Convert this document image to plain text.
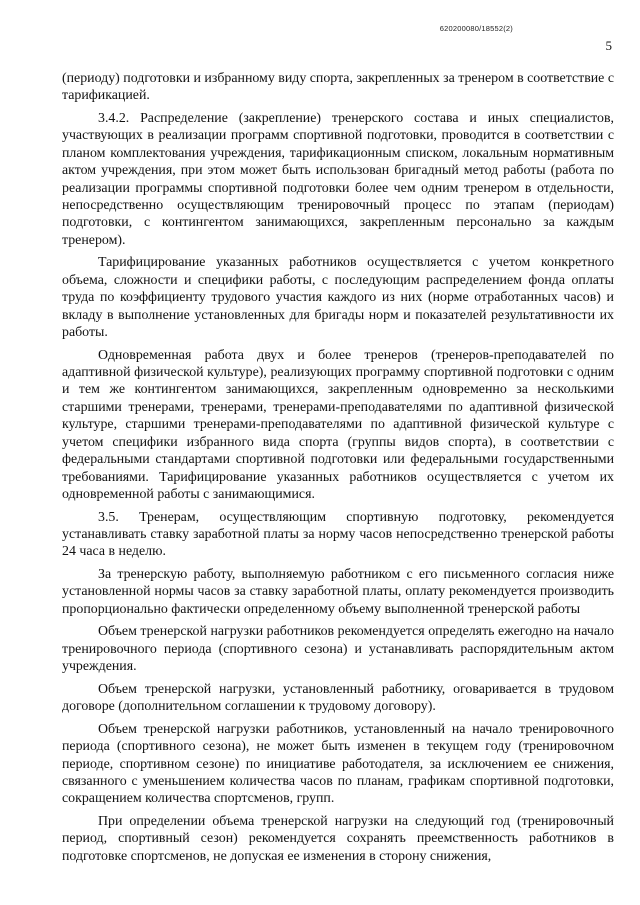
620200080/18552(2)
5

(периоду) подготовки и избранному виду спорта, закрепленных за тренером в соответствие с тарификацией.

3.4.2. Распределение (закрепление) тренерского состава и иных специалистов, участвующих в реализации программ спортивной подготовки, проводится в соответствии с планом комплектования учреждения, тарификационным списком, локальным нормативным актом учреждения, при этом может быть использован бригадный метод работы (работа по реализации программы спортивной подготовки более чем одним тренером в отдельности, непосредственно осуществляющим тренировочный процесс по этапам (периодам) подготовки, с контингентом занимающихся, закрепленным персонально за каждым тренером).

Тарифицирование указанных работников осуществляется с учетом конкретного объема, сложности и специфики работы, с последующим распределением фонда оплаты труда по коэффициенту трудового участия каждого из них (норме отработанных часов) и вкладу в выполнение установленных для бригады норм и показателей результативности их работы.

Одновременная работа двух и более тренеров (тренеров-преподавателей по адаптивной физической культуре), реализующих программу спортивной подготовки с одним и тем же контингентом занимающихся, закрепленным одновременно за несколькими старшими тренерами, тренерами, тренерами-преподавателями по адаптивной физической культуре, старшими тренерами-преподавателями по адаптивной физической культуре с учетом специфики избранного вида спорта (группы видов спорта), в соответствии с федеральными стандартами спортивной подготовки или федеральными государственными требованиями. Тарифицирование указанных работников осуществляется с учетом их одновременной работы с занимающимися.

3.5. Тренерам, осуществляющим спортивную подготовку, рекомендуется устанавливать ставку заработной платы за норму часов непосредственно тренерской работы 24 часа в неделю.

За тренерскую работу, выполняемую работником с его письменного согласия ниже установленной нормы часов за ставку заработной платы, оплату рекомендуется производить пропорционально фактически определенному объему выполненной тренерской работы

Объем тренерской нагрузки работников рекомендуется определять ежегодно на начало тренировочного периода (спортивного сезона) и устанавливать распорядительным актом учреждения.

Объем тренерской нагрузки, установленный работнику, оговаривается в трудовом договоре (дополнительном соглашении к трудовому договору).

Объем тренерской нагрузки работников, установленный на начало тренировочного периода (спортивного сезона), не может быть изменен в текущем году (тренировочном периоде, спортивном сезоне) по инициативе работодателя, за исключением ее снижения, связанного с уменьшением количества часов по планам, графикам спортивной подготовки, сокращением количества спортсменов, групп.

При определении объема тренерской нагрузки на следующий год (тренировочный период, спортивный сезон) рекомендуется сохранять преемственность работников в подготовке спортсменов, не допуская ее изменения в сторону снижения,
